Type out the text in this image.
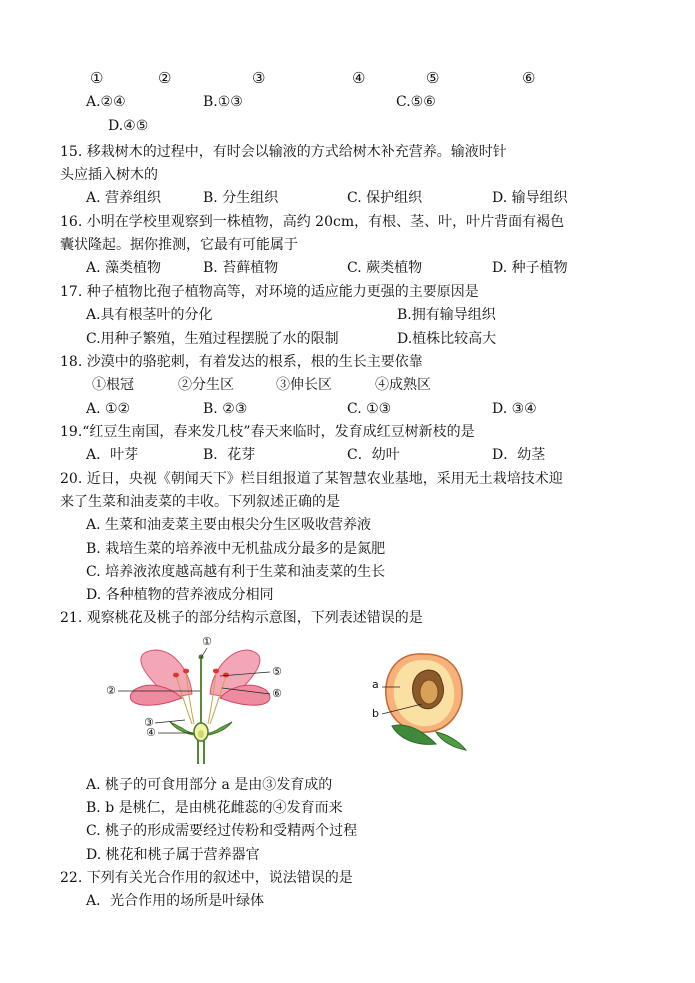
①	②	③	④	⑤	⑥
A.②④	B.①③	C.⑤⑥
D.④⑤
15. 移栽树木的过程中，有时会以输液的方式给树木补充营养。输液时针
头应插入树木的
A. 营养组织	B. 分生组织	C. 保护组织	D. 输导组织
16. 小明在学校里观察到一株植物，高约 20cm，有根、茎、叶，叶片背面有褐色
囊状隆起。据你推测，它最有可能属于
A. 藻类植物	B. 苔藓植物	C. 蕨类植物	D. 种子植物
17. 种子植物比孢子植物高等，对环境的适应能力更强的主要原因是
A.具有根茎叶的分化	B.拥有输导组织
C.用种子繁殖，生殖过程摆脱了水的限制	D.植株比较高大
18. 沙漠中的骆驼刺，有着发达的根系，根的生长主要依靠
①根冠	②分生区	③伸长区	④成熟区
A. ①②	B. ②③	C. ①③	D. ③④
19.“红豆生南国，春来发几枝”春天来临时，发育成红豆树新枝的是
A．叶芽	B．花芽	C．幼叶	D．幼茎
20. 近日，央视《朝闻天下》栏目组报道了某智慧农业基地，采用无土栽培技术迎
来了生菜和油麦菜的丰收。下列叙述正确的是
A. 生菜和油麦菜主要由根尖分生区吸收营养液
B. 栽培生菜的培养液中无机盐成分最多的是氮肥
C. 培养液浓度越高越有利于生菜和油麦菜的生长
D. 各种植物的营养液成分相同
21. 观察桃花及桃子的部分结构示意图，下列表述错误的是
①
②
③
④
⑤
⑥
a
b
A. 桃子的可食用部分 a 是由③发育成的
B. b 是桃仁，是由桃花雌蕊的④发育而来
C. 桃子的形成需要经过传粉和受精两个过程
D. 桃花和桃子属于营养器官
22. 下列有关光合作用的叙述中，说法错误的是
A．光合作用的场所是叶绿体
